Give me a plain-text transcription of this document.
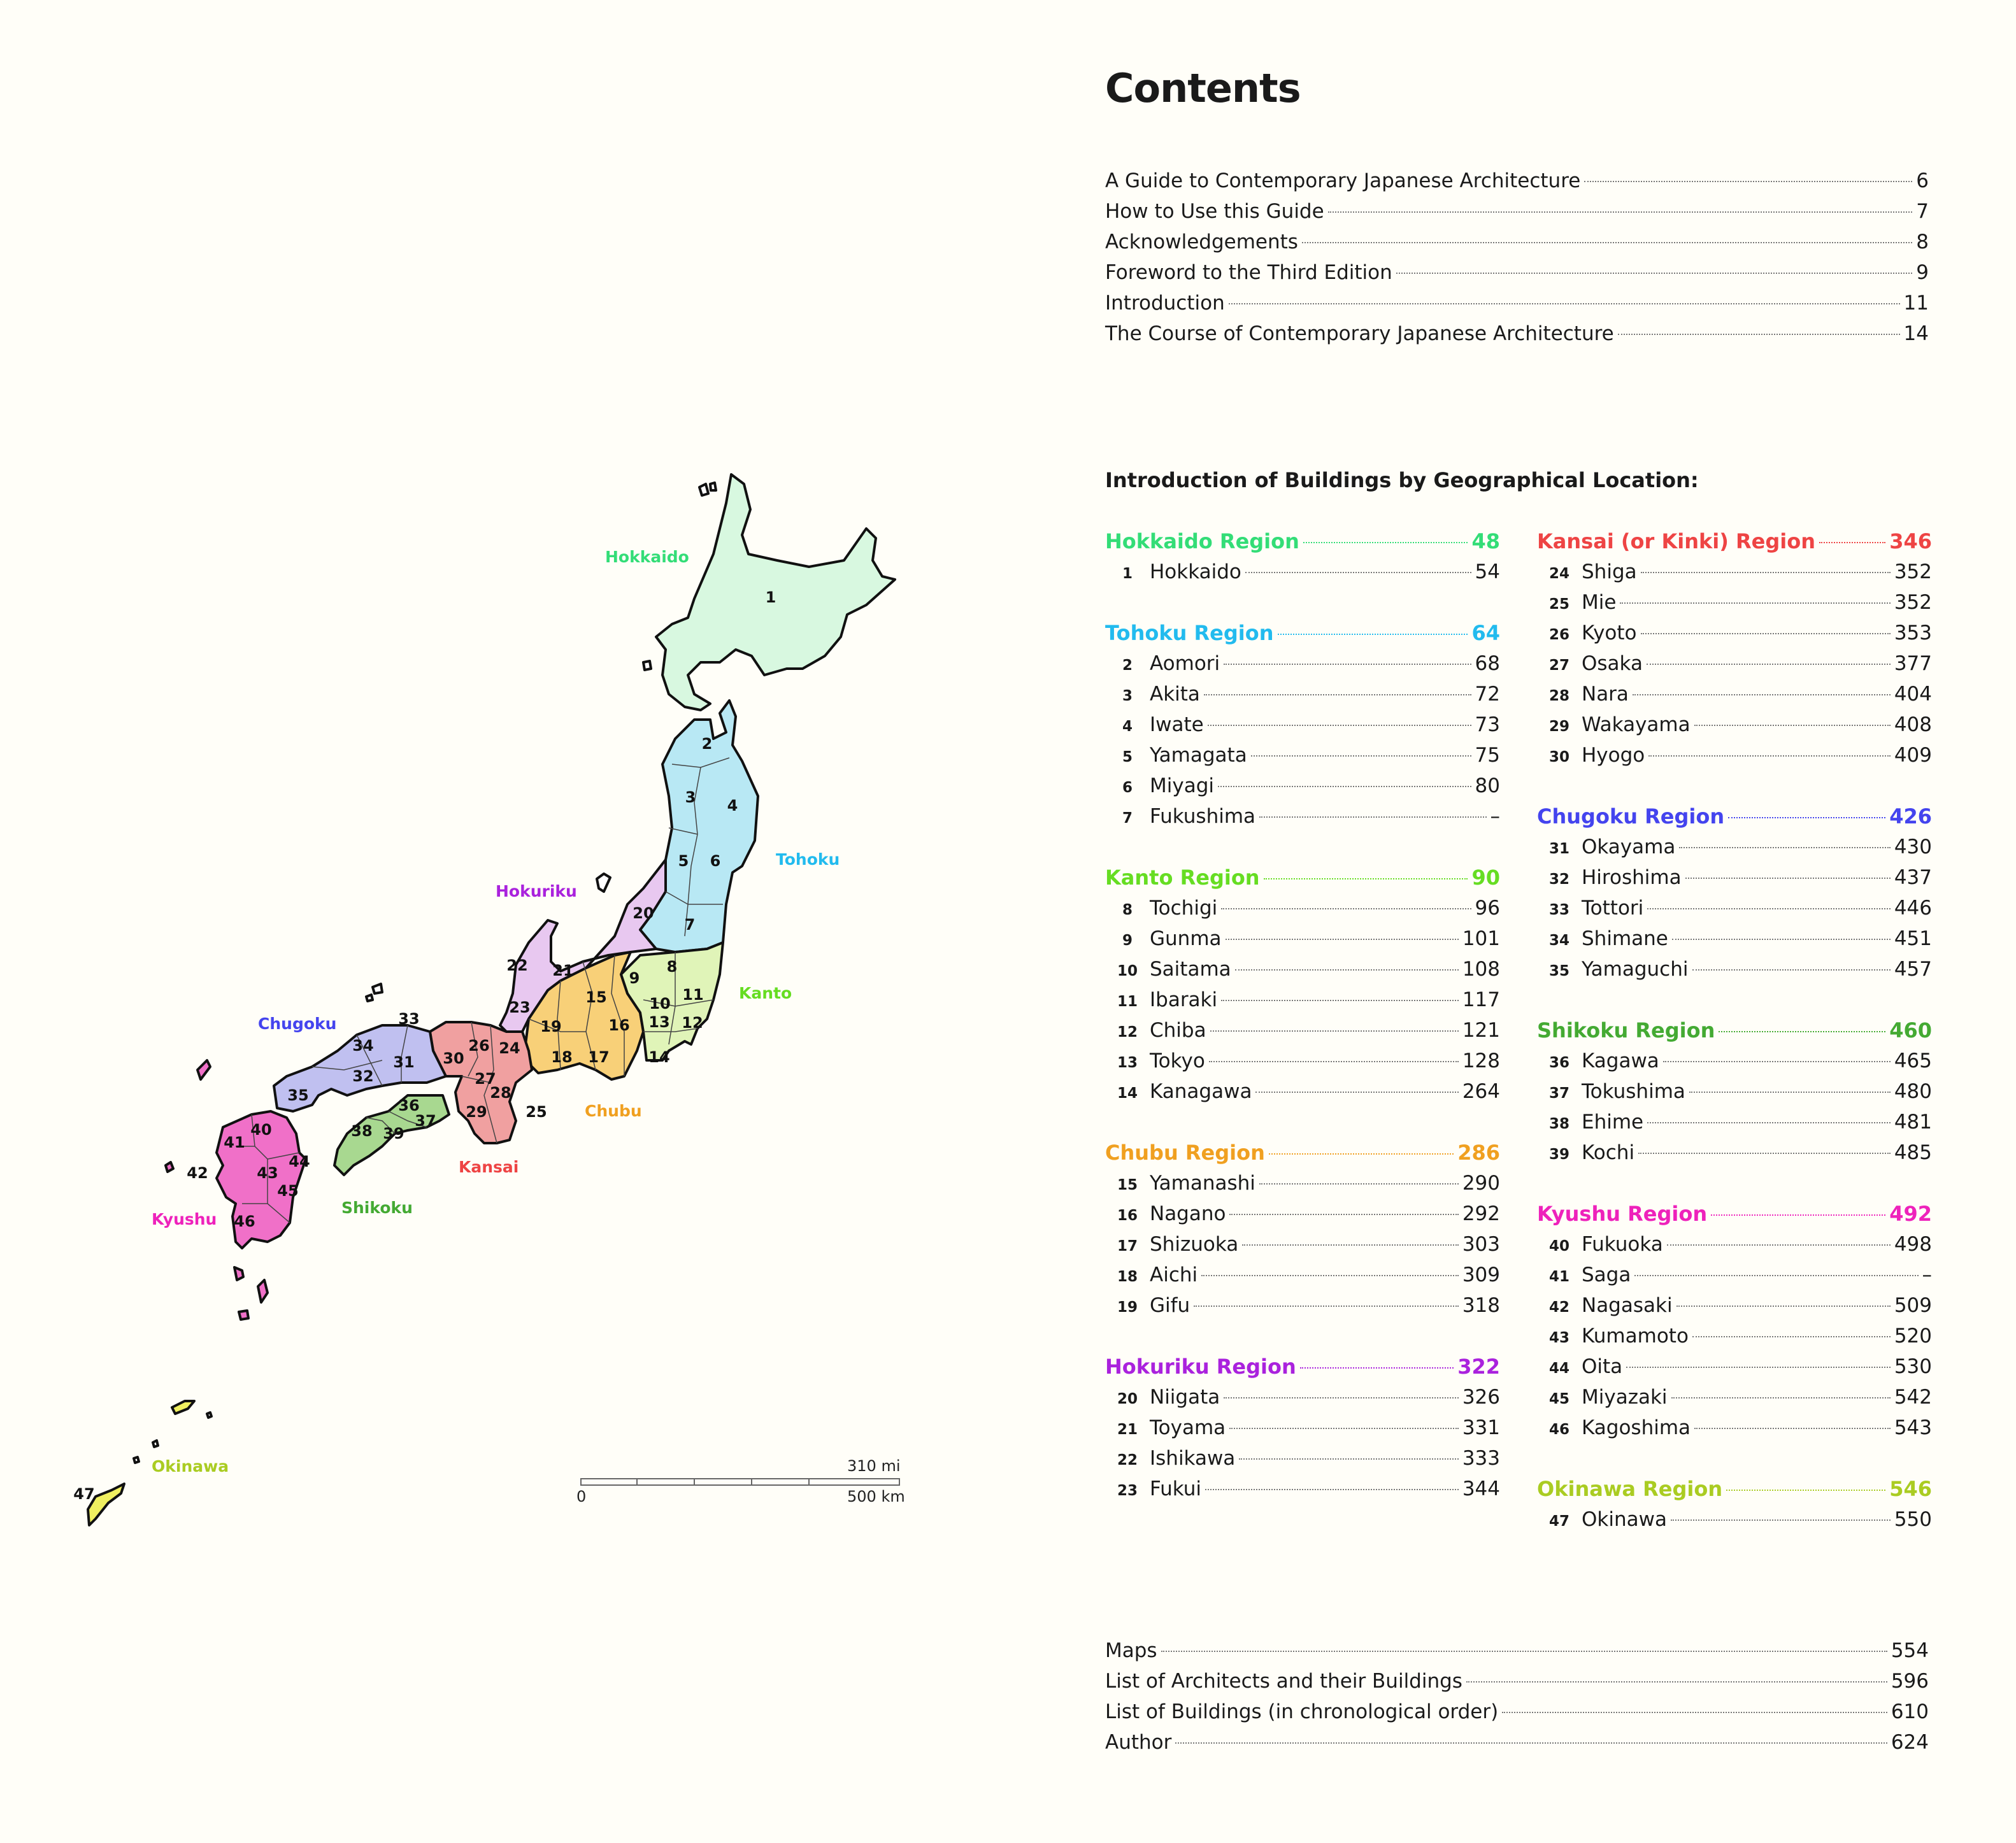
Hokkaido
Tohoku
Hokuriku
Kanto
Chugoku
Chubu
Kansai
Shikoku
Kyushu
Okinawa
1
2
3 4
5 6
7
8
9
10 11
12
13
14
15
16
17
18
19
20
21
22
23
24
25
26
27
28
29
30
31
32
33
34
35
36
37
38 39
40
41
42	43
44
45
46
47
310 mi
0	500 km
Contents
A Guide to Contemporary Japanese Architecture	6
How to Use this Guide	7
Acknowledgements	8
Foreword to the Third Edition	9
Introduction	11
The Course of Contemporary Japanese Architecture	14
Introduction of Buildings by Geographical Location:
Hokkaido Region	48
1 Hokkaido	54
Tohoku Region	64
2 Aomori	68
3 Akita	72
4 Iwate	73
5 Yamagata	75
6 Miyagi	80
7 Fukushima	–
Kanto Region	90
8 Tochigi	96
9 Gunma	101
10 Saitama	108
11 Ibaraki	117
12 Chiba	121
13 Tokyo	128
14 Kanagawa	264
Chubu Region	286
15 Yamanashi	290
16 Nagano	292
17 Shizuoka	303
18 Aichi	309
19 Gifu	318
Hokuriku Region	322
20 Niigata	326
21 Toyama	331
22 Ishikawa	333
23 Fukui	344
Kansai (or Kinki) Region	346
24 Shiga	352
25 Mie	352
26 Kyoto	353
27 Osaka	377
28 Nara	404
29 Wakayama	408
30 Hyogo	409
Chugoku Region	426
31 Okayama	430
32 Hiroshima	437
33 Tottori	446
34 Shimane	451
35 Yamaguchi	457
Shikoku Region	460
36 Kagawa	465
37 Tokushima	480
38 Ehime	481
39 Kochi	485
Kyushu Region	492
40 Fukuoka	498
41 Saga	–
42 Nagasaki	509
43 Kumamoto	520
44 Oita	530
45 Miyazaki	542
46 Kagoshima	543
Okinawa Region	546
47 Okinawa	550
Maps	554
List of Architects and their Buildings	596
List of Buildings (in chronological order)	610
Author	624
